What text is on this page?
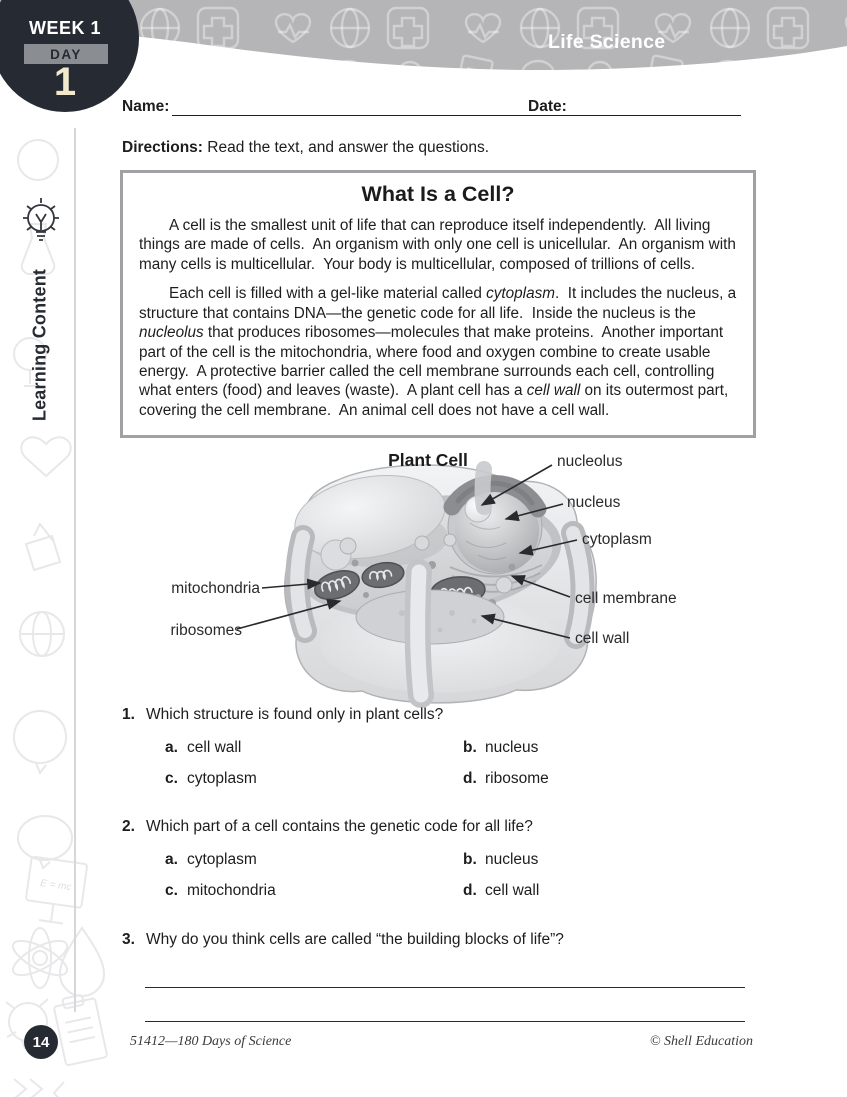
E = mc
Life Science
WEEK 1
DAY
1
Learning Content
Name:	Date:
Directions: Read the text, and answer the questions.
What Is a Cell?

A cell is the smallest unit of life that can reproduce itself independently.  All living things are made of cells.  An organism with only one cell is unicellular.  An organism with many cells is multicellular.  Your body is multicellular, composed of trillions of cells.

Each cell is filled with a gel-like material called cytoplasm.  It includes the nucleus, a structure that contains DNA—the genetic code for all life.  Inside the nucleus is the nucleolus that produces ribosomes—molecules that make proteins.  Another important part of the cell is the mitochondria, where food and oxygen combine to create usable energy.  A protective barrier called the cell membrane surrounds each cell, controlling what enters (food) and leaves (waste).  A plant cell has a cell wall on its outermost part, covering the cell membrane.  An animal cell does not have a cell wall.

Plant Cell	nucleolus
nucleus
cytoplasm
cell membrane
cell wall
mitochondria
ribosomes
1. Which structure is found only in plant cells?
a. cell wall	b. nucleus
c. cytoplasm	d. ribosome
2. Which part of a cell contains the genetic code for all life?
a. cytoplasm	b. nucleus
c. mitochondria	d. cell wall
3. Why do you think cells are called “the building blocks of life”?
14	51412—180 Days of Science	© Shell Education
